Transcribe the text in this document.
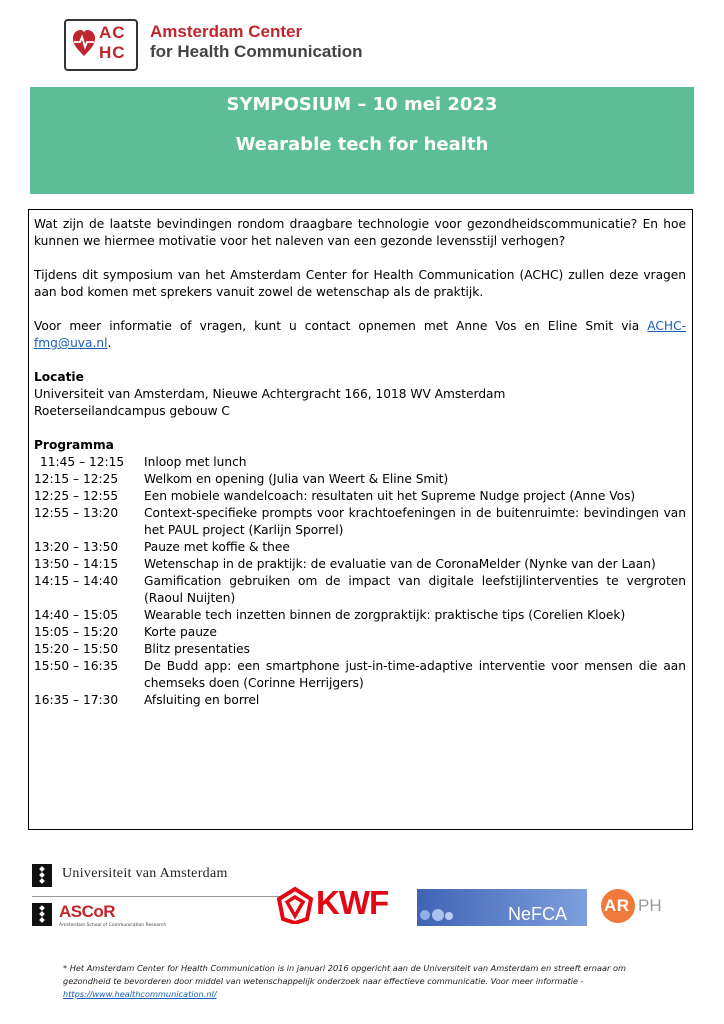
AC
HC
Amsterdam Center
for Health Communication
SYMPOSIUM – 10 mei 2023
Wearable tech for health

Wat zijn de laatste bevindingen rondom draagbare technologie voor gezondheidscommunicatie? En hoe kunnen we hiermee motivatie voor het naleven van een gezonde levensstijl verhogen?

Tijdens dit symposium van het Amsterdam Center for Health Communication (ACHC) zullen deze vragen aan bod komen met sprekers vanuit zowel de wetenschap als de praktijk.

Voor meer informatie of vragen, kunt u contact opnemen met Anne Vos en Eline Smit via ACHC-fmg@uva.nl.

Locatie
Universiteit van Amsterdam, Nieuwe Achtergracht 166, 1018 WV Amsterdam
Roeterseilandcampus gebouw C
Programma
11:45 – 12:15	Inloop met lunch
12:15 – 12:25	Welkom en opening (Julia van Weert & Eline Smit)
12:25 – 12:55	Een mobiele wandelcoach: resultaten uit het Supreme Nudge project (Anne Vos)
12:55 – 13:20	Context-specifieke prompts voor krachtoefeningen in de buitenruimte: bevindingen van het PAUL project (Karlijn Sporrel)
13:20 – 13:50	Pauze met koffie & thee
13:50 – 14:15	Wetenschap in de praktijk: de evaluatie van de CoronaMelder (Nynke van der Laan)
14:15 – 14:40	Gamification gebruiken om de impact van digitale leefstijlinterventies te vergroten (Raoul Nuijten)
14:40 – 15:05	Wearable tech inzetten binnen de zorgpraktijk: praktische tips (Corelien Kloek)
15:05 – 15:20	Korte pauze
15:20 – 15:50	Blitz presentaties
15:50 – 16:35	De Budd app: een smartphone just-in-time-adaptive interventie voor mensen die aan chemseks doen (Corinne Herrijgers)
16:35 – 17:30	Afsluiting en borrel
Universiteit van Amsterdam
ASCoR
Amsterdam School of Communication Research
KWF	NeFCA AR PH
* Het Amsterdam Center for Health Communication is in januari 2016 opgericht aan de Universiteit van Amsterdam en streeft ernaar om gezondheid te bevorderen door middel van wetenschappelijk onderzoek naar effectieve communicatie. Voor meer informatie -
https://www.healthcommunication.nl/
